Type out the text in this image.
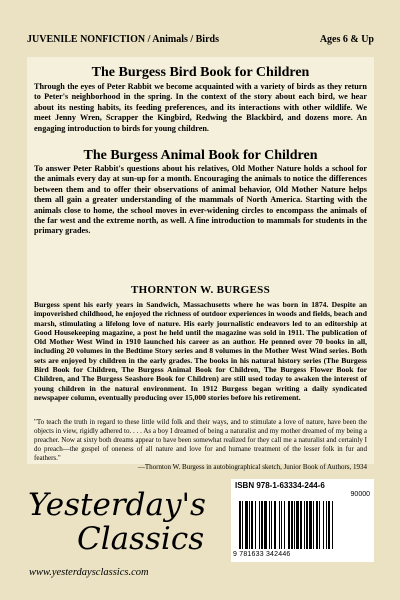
JUVENILE NONFICTION / Animals / Birds	Ages 6 & Up
The Burgess Bird Book for Children
Through the eyes of Peter Rabbit we become acquainted with a variety of birds as they return to Peter's neighborhood in the spring. In the context of the story about each bird, we hear about its nesting habits, its feeding preferences, and its interactions with other wildlife. We meet Jenny Wren, Scrapper the Kingbird, Redwing the Blackbird, and dozens more. An engaging introduction to birds for young children.
The Burgess Animal Book for Children
To answer Peter Rabbit's questions about his relatives, Old Mother Nature holds a school for the animals every day at sun-up for a month. Encouraging the animals to notice the differences between them and to offer their observations of animal behavior, Old Mother Nature helps them all gain a greater understanding of the mammals of North America. Starting with the animals close to home, the school moves in ever-widening circles to encompass the animals of the far west and the extreme north, as well. A fine introduction to mammals for students in the primary grades.
THORNTON W. BURGESS
Burgess spent his early years in Sandwich, Massachusetts where he was born in 1874. Despite an impoverished childhood, he enjoyed the richness of outdoor experiences in woods and fields, beach and marsh, stimulating a lifelong love of nature. His early journalistic endeavors led to an editorship at Good Housekeeping magazine, a post he held until the magazine was sold in 1911. The publication of Old Mother West Wind in 1910 launched his career as an author. He penned over 70 books in all, including 20 volumes in the Bedtime Story series and 8 volumes in the Mother West Wind series. Both sets are enjoyed by children in the early grades. The books in his natural history series (The Burgess Bird Book for Children, The Burgess Animal Book for Children, The Burgess Flower Book for Children, and The Burgess Seashore Book for Children) are still used today to awaken the interest of young children in the natural environment. In 1912 Burgess began writing a daily syndicated newspaper column, eventually producing over 15,000 stories before his retirement.
"To teach the truth in regard to these little wild folk and their ways, and to stimulate a love of nature, have been the objects in view, rigidly adhered to. . . . As a boy I dreamed of being a naturalist and my mother dreamed of my being a preacher. Now at sixty both dreams appear to have been somewhat realized for they call me a naturalist and certainly I do preach—the gospel of oneness of all nature and love for and humane treatment of the lesser folk in fur and feathers."
—Thornton W. Burgess in autobiographical sketch, Junior Book of Authors, 1934
Yesterday's
Classics
www.yesterdaysclassics.com
ISBN 978-1-63334-244-6
90000
9 781633 342446
